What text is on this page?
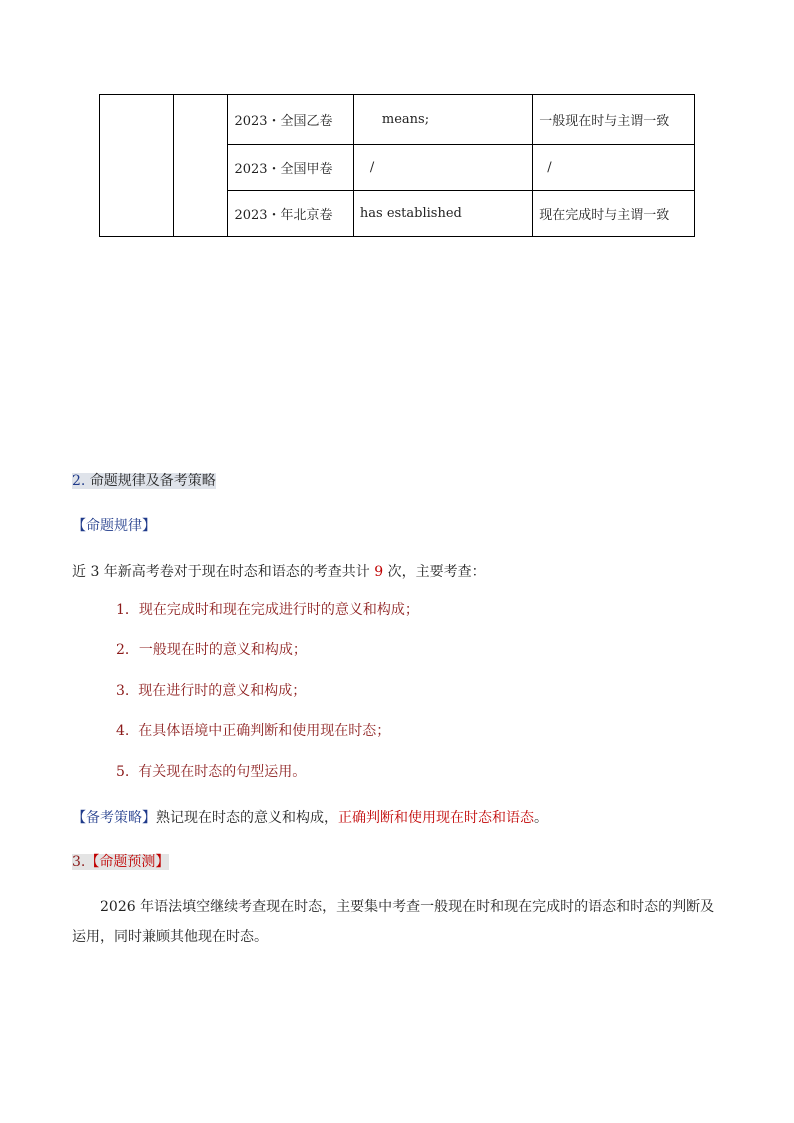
		2023・全国乙卷	means;	一般现在时与主谓一致
		2023・全国甲卷	/	/
		2023・年北京卷	has established	现在完成时与主谓一致
2. 命题规律及备考策略
【命题规律】
近 3 年新高考卷对于现在时态和语态的考查共计 9 次，主要考查：
1．现在完成时和现在完成进行时的意义和构成；
2．一般现在时的意义和构成；
3. 现在进行时的意义和构成；
4. 在具体语境中正确判断和使用现在时态；
5. 有关现在时态的句型运用。
【备考策略】熟记现在时态的意义和构成，正确判断和使用现在时态和语态。
3.【命题预测】
2026 年语法填空继续考查现在时态，主要集中考查一般现在时和现在完成时的语态和时态的判断及运用，同时兼顾其他现在时态。
